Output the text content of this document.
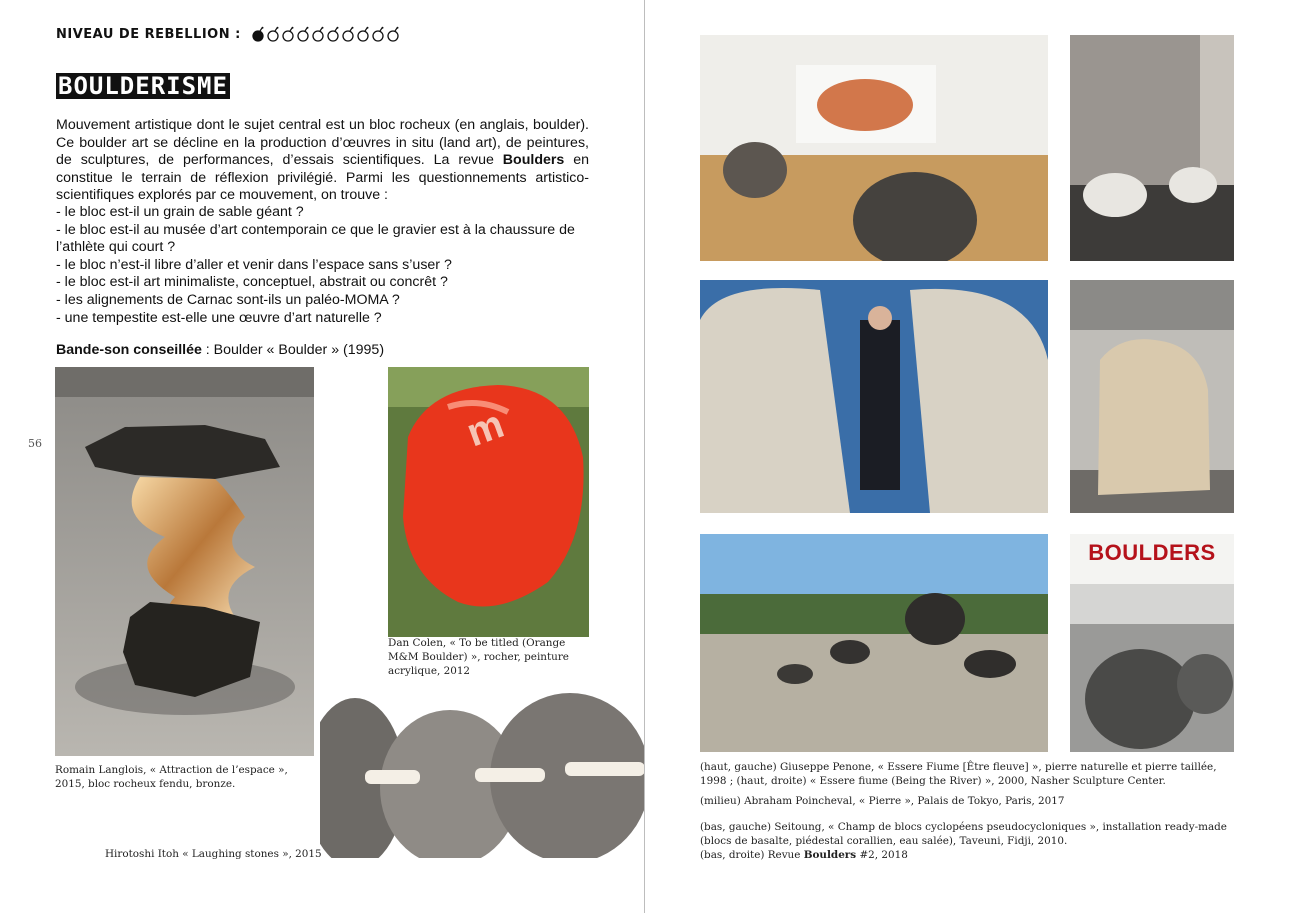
NIVEAU DE REBELLION :
BOULDERISME

Mouvement artistique dont le sujet central est un bloc rocheux (en anglais, boulder). Ce boulder art se décline en la production d’œuvres in situ (land art), de peintures, de sculptures, de performances, d’essais scientifiques. La revue Boulders en constitue le terrain de réflexion privilégié. Parmi les questionnements artistico-scientifiques explorés par ce mouvement, on trouve :

- le bloc est-il un grain de sable géant ?
- le bloc est-il au musée d’art contemporain ce que le gravier est à la chaussure de l’athlète qui court ?
- le bloc n’est-il libre d’aller et venir dans l’espace sans s’user ?
- le bloc est-il art minimaliste, conceptuel, abstrait ou concrêt ?
- les alignements de Carnac sont-ils un paléo-MOMA ?
- une tempestite est-elle une œuvre d’art naturelle ?
Bande-son conseillée : Boulder « Boulder » (1995)
56
Romain Langlois, « Attraction de l’espace », 2015, bloc rocheux fendu, bronze.
m
Dan Colen, « To be titled (Orange M&M Boulder) », rocher, peinture acrylique, 2012
Hirotoshi Itoh « Laughing stones », 2015
BOULDERS
(haut, gauche) Giuseppe Penone, « Essere Fiume [Être fleuve] », pierre naturelle et pierre taillée, 1998 ; (haut, droite) « Essere fiume (Being the River) », 2000, Nasher Sculpture Center.
(milieu) Abraham Poincheval, « Pierre », Palais de Tokyo, Paris, 2017
(bas, gauche) Seitoung, « Champ de blocs cyclopéens pseudocycloniques », installation ready-made (blocs de basalte, piédestal corallien, eau salée), Taveuni, Fidji, 2010.
(bas, droite) Revue Boulders #2, 2018
